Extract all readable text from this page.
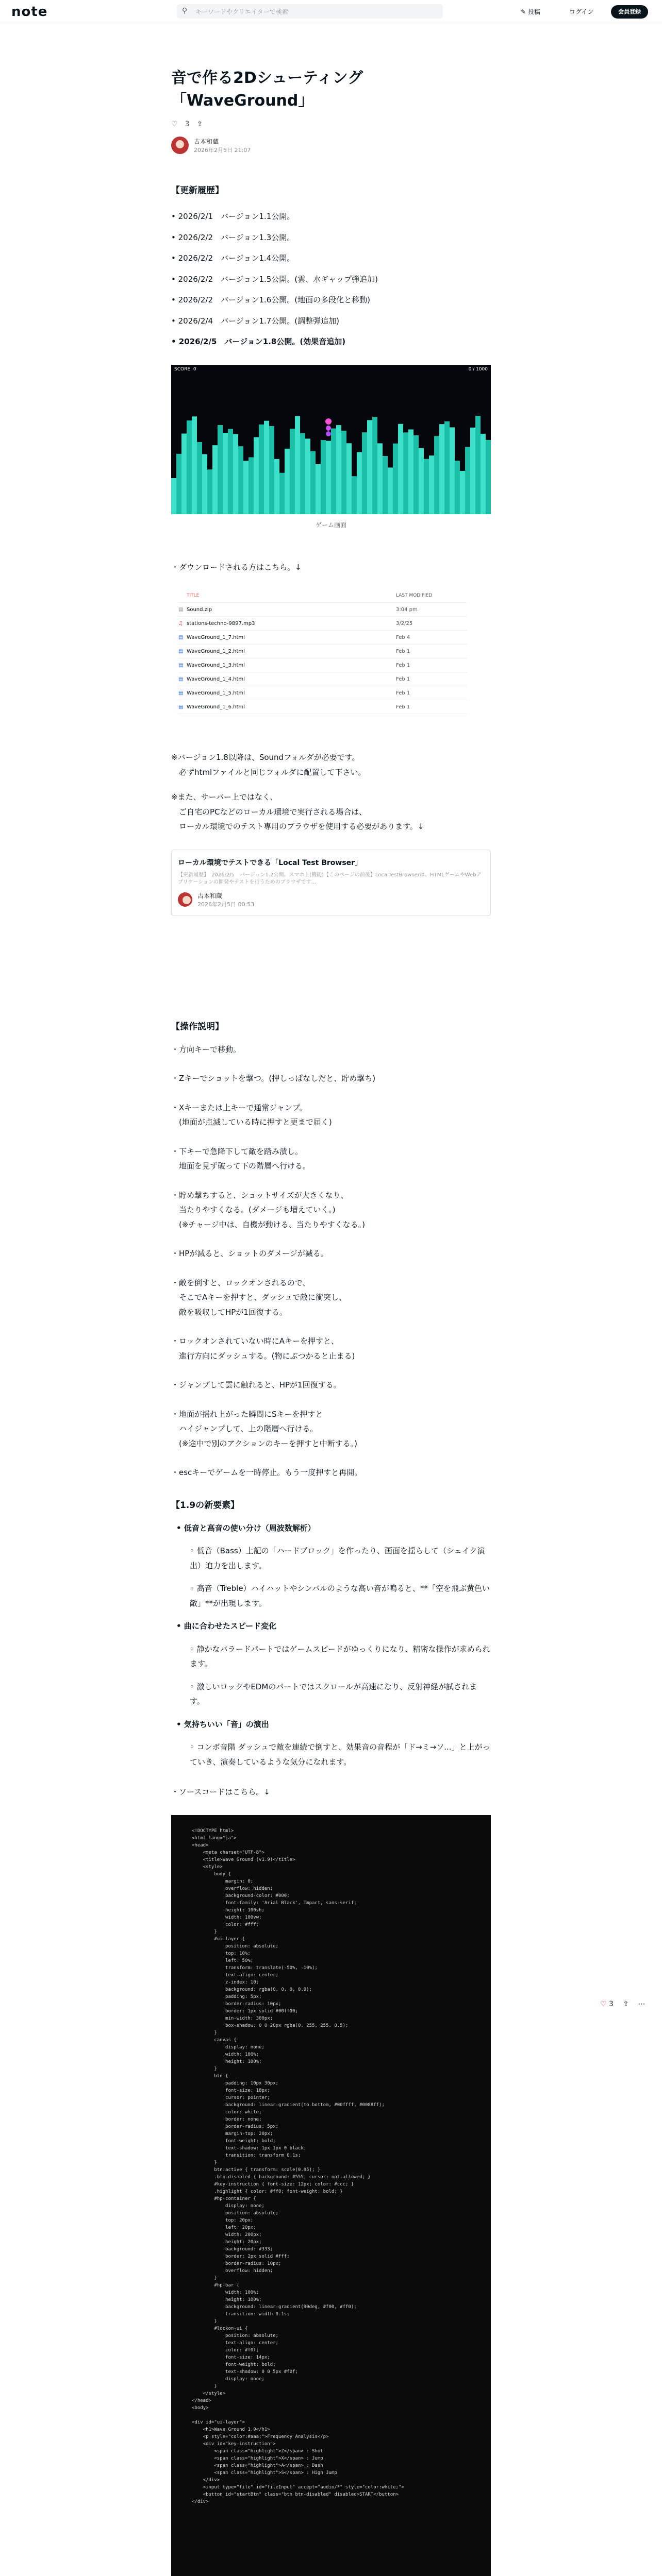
note	⚲
キーワードやクリエイターで検索	✎ 投稿	ログイン	会員登録
音で作る2Dシューティング「WaveGround」
♡ 3 ⇪
古本和蔵
2026年2月5日 21:07
【更新履歴】
• 2026/2/1　バージョン1.1公開。
• 2026/2/2　バージョン1.3公開。
• 2026/2/2　バージョン1.4公開。
• 2026/2/2　バージョン1.5公開。(雲、水ギャップ弾追加)
• 2026/2/2　バージョン1.6公開。(地面の多段化と移動)
• 2026/2/4　バージョン1.7公開。(調整弾追加)
• 2026/2/5　バージョン1.8公開。(効果音追加)
SCORE: 0	0 / 1000
ゲーム画面
・ダウンロードされる方はこちら。↓
TITLE	LAST MODIFIED
▤ Sound.zip	3:04 pm
♫ stations-techno-9897.mp3	3/2/25
▤ WaveGround_1_7.html	Feb 4
▤ WaveGround_1_2.html	Feb 1
▤ WaveGround_1_3.html	Feb 1
▤ WaveGround_1_4.html	Feb 1
▤ WaveGround_1_5.html	Feb 1
▤ WaveGround_1_6.html	Feb 1
※バージョン1.8以降は、Soundフォルダが必要です。
　必ずhtmlファイルと同じフォルダに配置して下さい。
※また、サーバー上ではなく、
　ご自宅のPCなどのローカル環境で実行される場合は、
　ローカル環境でのテスト専用のブラウザを使用する必要があります。↓
ローカル環境でテストできる「Local Test Browser」
【更新履歴】　2026/2/5　バージョン1.2公開。スマホ上(機能)【このページの前後】LocalTestBrowserは、HTMLゲームやWebアプリケーションの開発やテストを行うためのブラウザです...
古本和蔵
2026年2月5日 00:53
【操作説明】
・方向キーで移動。
・Zキーでショットを撃つ。(押しっぱなしだと、貯め撃ち)
・Xキーまたは上キーで通常ジャンプ。
　(地面が点滅している時に押すと更まで届く)
・下キーで急降下して敵を踏み潰し。
　地面を見ず破って下の階層へ行ける。
・貯め撃ちすると、ショットサイズが大きくなり、
　当たりやすくなる。(ダメージも増えていく。)
　(※チャージ中は、自機が動ける、当たりやすくなる。)
・HPが減ると、ショットのダメージが減る。
・敵を倒すと、ロックオンされるので、
　そこでAキーを押すと、ダッシュで敵に衝突し、
　敵を吸収してHPが1回復する。
・ロックオンされていない時にAキーを押すと、
　進行方向にダッシュする。(物にぶつかると止まる)
・ジャンプして雲に触れると、HPが1回復する。
・地面が揺れ上がった瞬間にSキーを押すと
　ハイジャンプして、上の階層へ行ける。
　(※途中で別のアクションのキーを押すと中断する。)
・escキーでゲームを一時停止。もう一度押すと再開。
【1.9の新要素】
• 低音と高音の使い分け（周波数解析）
◦ 低音（Bass）上記の「ハードブロック」を作ったり、画面を揺らして（シェイク演出）迫力を出します。
◦ 高音（Treble）ハイハットやシンバルのような高い音が鳴ると、**「空を飛ぶ黄色い敵」**が出現します。
• 曲に合わせたスピード変化
◦ 静かなバラードパートではゲームスピードがゆっくりになり、精密な操作が求められます。
◦ 激しいロックやEDMのパートではスクロールが高速になり、反射神経が試されます。
• 気持ちいい「音」の演出
◦ コンボ音階 ダッシュで敵を連続で倒すと、効果音の音程が「ド→ミ→ソ...」と上がっていき、演奏しているような気分になれます。
・ソースコードはこちら。↓
<!DOCTYPE html>
<html lang="ja">
<head>
<meta charset="UTF-8">
<title>Wave Ground (v1.9)</title>
<style>
body {
margin: 0;
overflow: hidden;
background-color: #000;
font-family: 'Arial Black', Impact, sans-serif;
height: 100vh;
width: 100vw;
color: #fff;
}
#ui-layer {
position: absolute;
top: 10%;
left: 50%;
transform: translate(-50%, -10%);
text-align: center;
z-index: 10;
background: rgba(0, 0, 0, 0.9);
padding: 5px;
border-radius: 10px;
border: 1px solid #00ff00;
min-width: 300px;
box-shadow: 0 0 20px rgba(0, 255, 255, 0.5);
}
canvas {
display: none;
width: 100%;
height: 100%;
}
btn {
padding: 10px 30px;
font-size: 18px;
cursor: pointer;
background: linear-gradient(to bottom, #00ffff, #0088ff);
color: white;
border: none;
border-radius: 5px;
margin-top: 20px;
font-weight: bold;
text-shadow: 1px 1px 0 black;
transition: transform 0.1s;
}
btn:active { transform: scale(0.95); }
.btn-disabled { background: #555; cursor: not-allowed; }
#key-instruction { font-size: 12px; color: #ccc; }
.highlight { color: #ff0; font-weight: bold; }
#hp-container {
display: none;
position: absolute;
top: 20px;
left: 20px;
width: 200px;
height: 20px;
background: #333;
border: 2px solid #fff;
border-radius: 10px;
overflow: hidden;
}
#hp-bar {
width: 100%;
height: 100%;
background: linear-gradient(90deg, #f00, #ff0);
transition: width 0.1s;
}
#lockon-ui {
position: absolute;
text-align: center;
color: #f0f;
font-size: 14px;
font-weight: bold;
text-shadow: 0 0 5px #f0f;
display: none;
}
</style>
</head>
<body>

<div id="ui-layer">
<h1>Wave Ground 1.9</h1>
<p style="color:#aaa;">Frequency Analysis</p>
<div id="key-instruction">
<span class="highlight">Z</span> : Shot
<span class="highlight">X</span> : Jump
<span class="highlight">A</span> : Dash
<span class="highlight">S</span> : High Jump
</div>
<input type="file" id="fileInput" accept="audio/*" style="color:white;">
<button id="startBtn" class="btn btn-disabled" disabled>START</button>
</div>
♡ 3 ⇪ ⋯
